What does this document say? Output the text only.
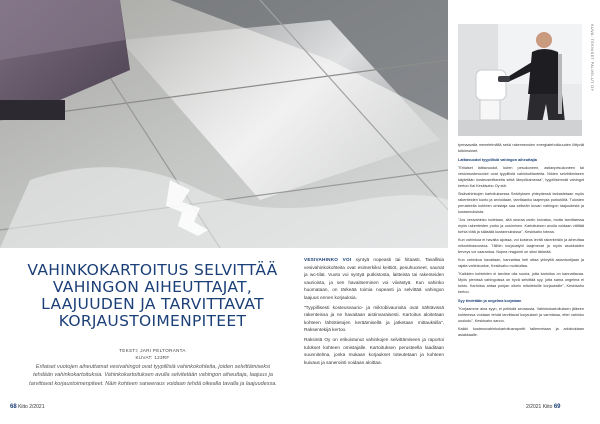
VAHINKOKARTOITUS SELVITTÄÄ
VAHINGON AIHEUTTAJAT,
LAAJUUDEN JA TARVITTAVAT
KORJAUSTOIMENPITEET
TEKSTI: JARI PELTORANTA
KUVAT: 123RF

Erilaiset vuotojen aiheuttamat vesivahingot ovat tyypillisiä vahinkokohteita, joiden selvittämiseksi tehdään vahinkokartoituksia. Vahinkokartoituksen avulla selvitetään vahingon aiheuttaja, laajuus ja tarvittavat korjaustoimenpiteet. Näin kohteen saneeraus voidaan tehdä oikealla tavalla ja laajuudessa.

68 Kiito 2/2021

VESIVAHINKO VOI syntyä nopeasti tai hitaasti. Tavallisia vesivahinkokohteita ovat esimerkiksi keittiöt, pesuhuoneet, saunat ja wc-tilat. Vuoto voi syntyä putkistosta, laitteista tai rakenteiden vaurioista, ja sen havaitseminen voi viivästyä. Kun vahinko huomataan, on tärkeää toimia nopeasti ja selvittää vahingon laajuus ennen korjauksia.

"Tyypillisesti kosteusvaurio- ja mikrobivaurioita ovat nähtävissä rakenteissa ja ne havaitaan aistinvaraisesti. Kartoitus aloitetaan kohteen lähtötietojen keräämisellä ja jatketaan mittauksilla", Raksentekijä kertoo.

Raksintä Oy on erikoistunut vahinkojen selvittämiseen ja raportoi tulokset kohteen omistajalle. Kartoituksen perusteella laaditaan suunnitelma, jonka mukaan korjaukset toteutetaan ja kohteen kuivaus ja sanerointi voidaan aloittaa.

tyrmaavalla menetelmällä sekä rakenneosien energiatehokkuuden liittyvät tutkimukset.

Lattiavuodot tyypillisiä vahingon aiheuttajia

"Erilaiset lattiavuodot, kuten pesukoneen, astianpesukoneen tai vesivarustevuodot ovat tyypillisiä vahinkotilanteita. Niiden selvittämiseen käytetään kosteusmittareita sekä lämpökameraa", tyypillisimmät vahingot kertoo Kai Keskisaho Oy:stä.

Sisävahinkojen kartoituksessa Selvityksen yhteydessä tarkastetaan myös rakenteiden kunto ja arvioidaan, tarvitaanko laajempia purkutöitä. Tulosten perusteella kohteen omistaja saa selkeän kuvan vahingon laajuudesta ja kustannuksista.

"Jos vesivahinko todetaan, sitä seuraa usein kuivatus, mutta tarvittaessa myös rakenteiden purku ja uusiminen. Kartoituksen avulla voidaan välttää turhia töitä ja säästää kustannuksissa", Keskisaho toteaa.

Kun vahinkoa ei havaita ajoissa, voi kosteus levitä rakenteisiin ja aiheuttaa mikrobikasvustoa. Tällöin korjaustyöt laajenevat ja myös asukkaiden terveys voi vaarantua. Nopea reagointi on siksi tärkeää.

Kun vahinkoa havaitaan, kannattaa heti ottaa yhteyttä asiantuntijaan ja rajata vahinkoalue, Keskisaho muistuttaa.

"Kaikkien kohteiden ei tarvitse olla suuria, jotta kartoitus on kannattavaa. Myös pienissä vahingoissa on hyvä selvittää syy, jotta sama ongelma ei toistu. Kartoitus antaa pohjan oikein mitoitetuille korjauksille", Keskisaho kertoo.

Syy tiedetään ja ongelma korjataan

"Korjaamme aina syyn, ei pelkkää seurausta. Vahinkokartoituksen jälkeen kohteessa voidaan tehdä tarvittavat korjaukset ja varmistaa, ettei vahinko uusiudu", Keskisaho sanoo.

Kaikki kosteusvahinkokartoitusraportit tallennetaan ja arkistoidaan asiakkaalle.

KUVA: TEKNISET PALVELUT OY
2/2021 Kiito 69
